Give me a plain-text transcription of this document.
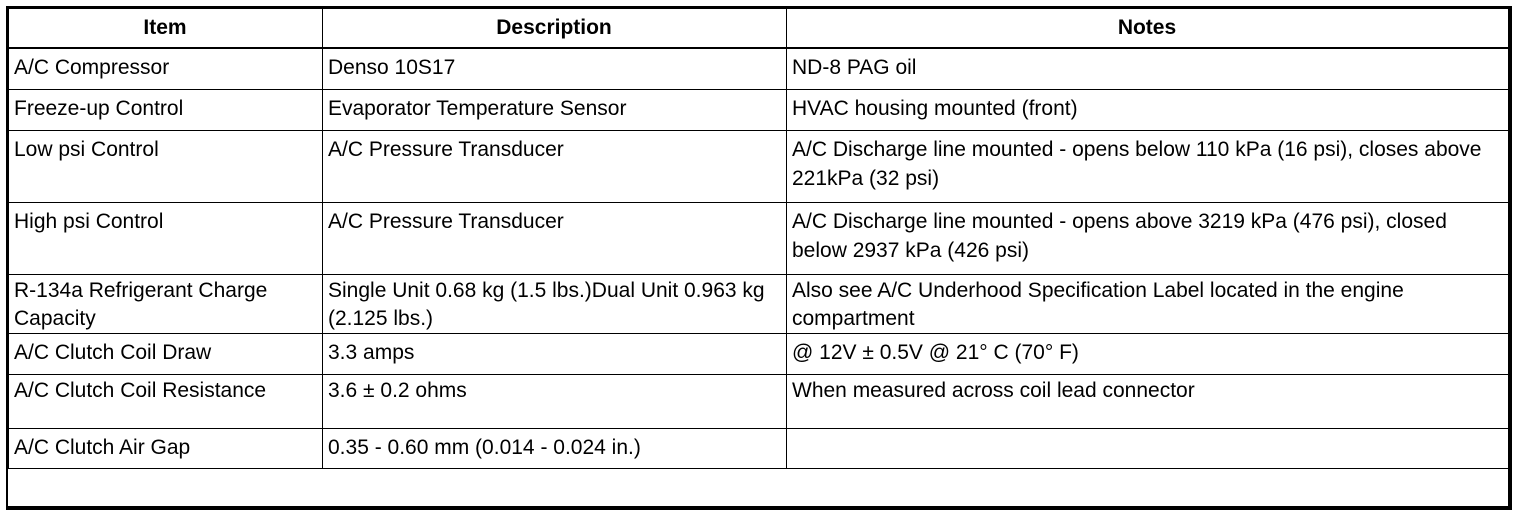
Item	Description	Notes
A/C Compressor	Denso 10S17	ND-8 PAG oil
Freeze-up Control	Evaporator Temperature Sensor	HVAC housing mounted (front)
Low psi Control	A/C Pressure Transducer	A/C Discharge line mounted - opens below 110 kPa (16 psi), closes above 221kPa (32 psi)
High psi Control	A/C Pressure Transducer	A/C Discharge line mounted - opens above 3219 kPa (476 psi), closed below 2937 kPa (426 psi)
R-134a Refrigerant Charge Capacity	Single Unit 0.68 kg (1.5 lbs.)Dual Unit 0.963 kg (2.125 lbs.)	Also see A/C Underhood Specification Label located in the engine compartment
A/C Clutch Coil Draw	3.3 amps	@ 12V ± 0.5V @ 21° C (70° F)
A/C Clutch Coil Resistance	3.6 ± 0.2 ohms	When measured across coil lead connector
A/C Clutch Air Gap	0.35 - 0.60 mm (0.014 - 0.024 in.)	
